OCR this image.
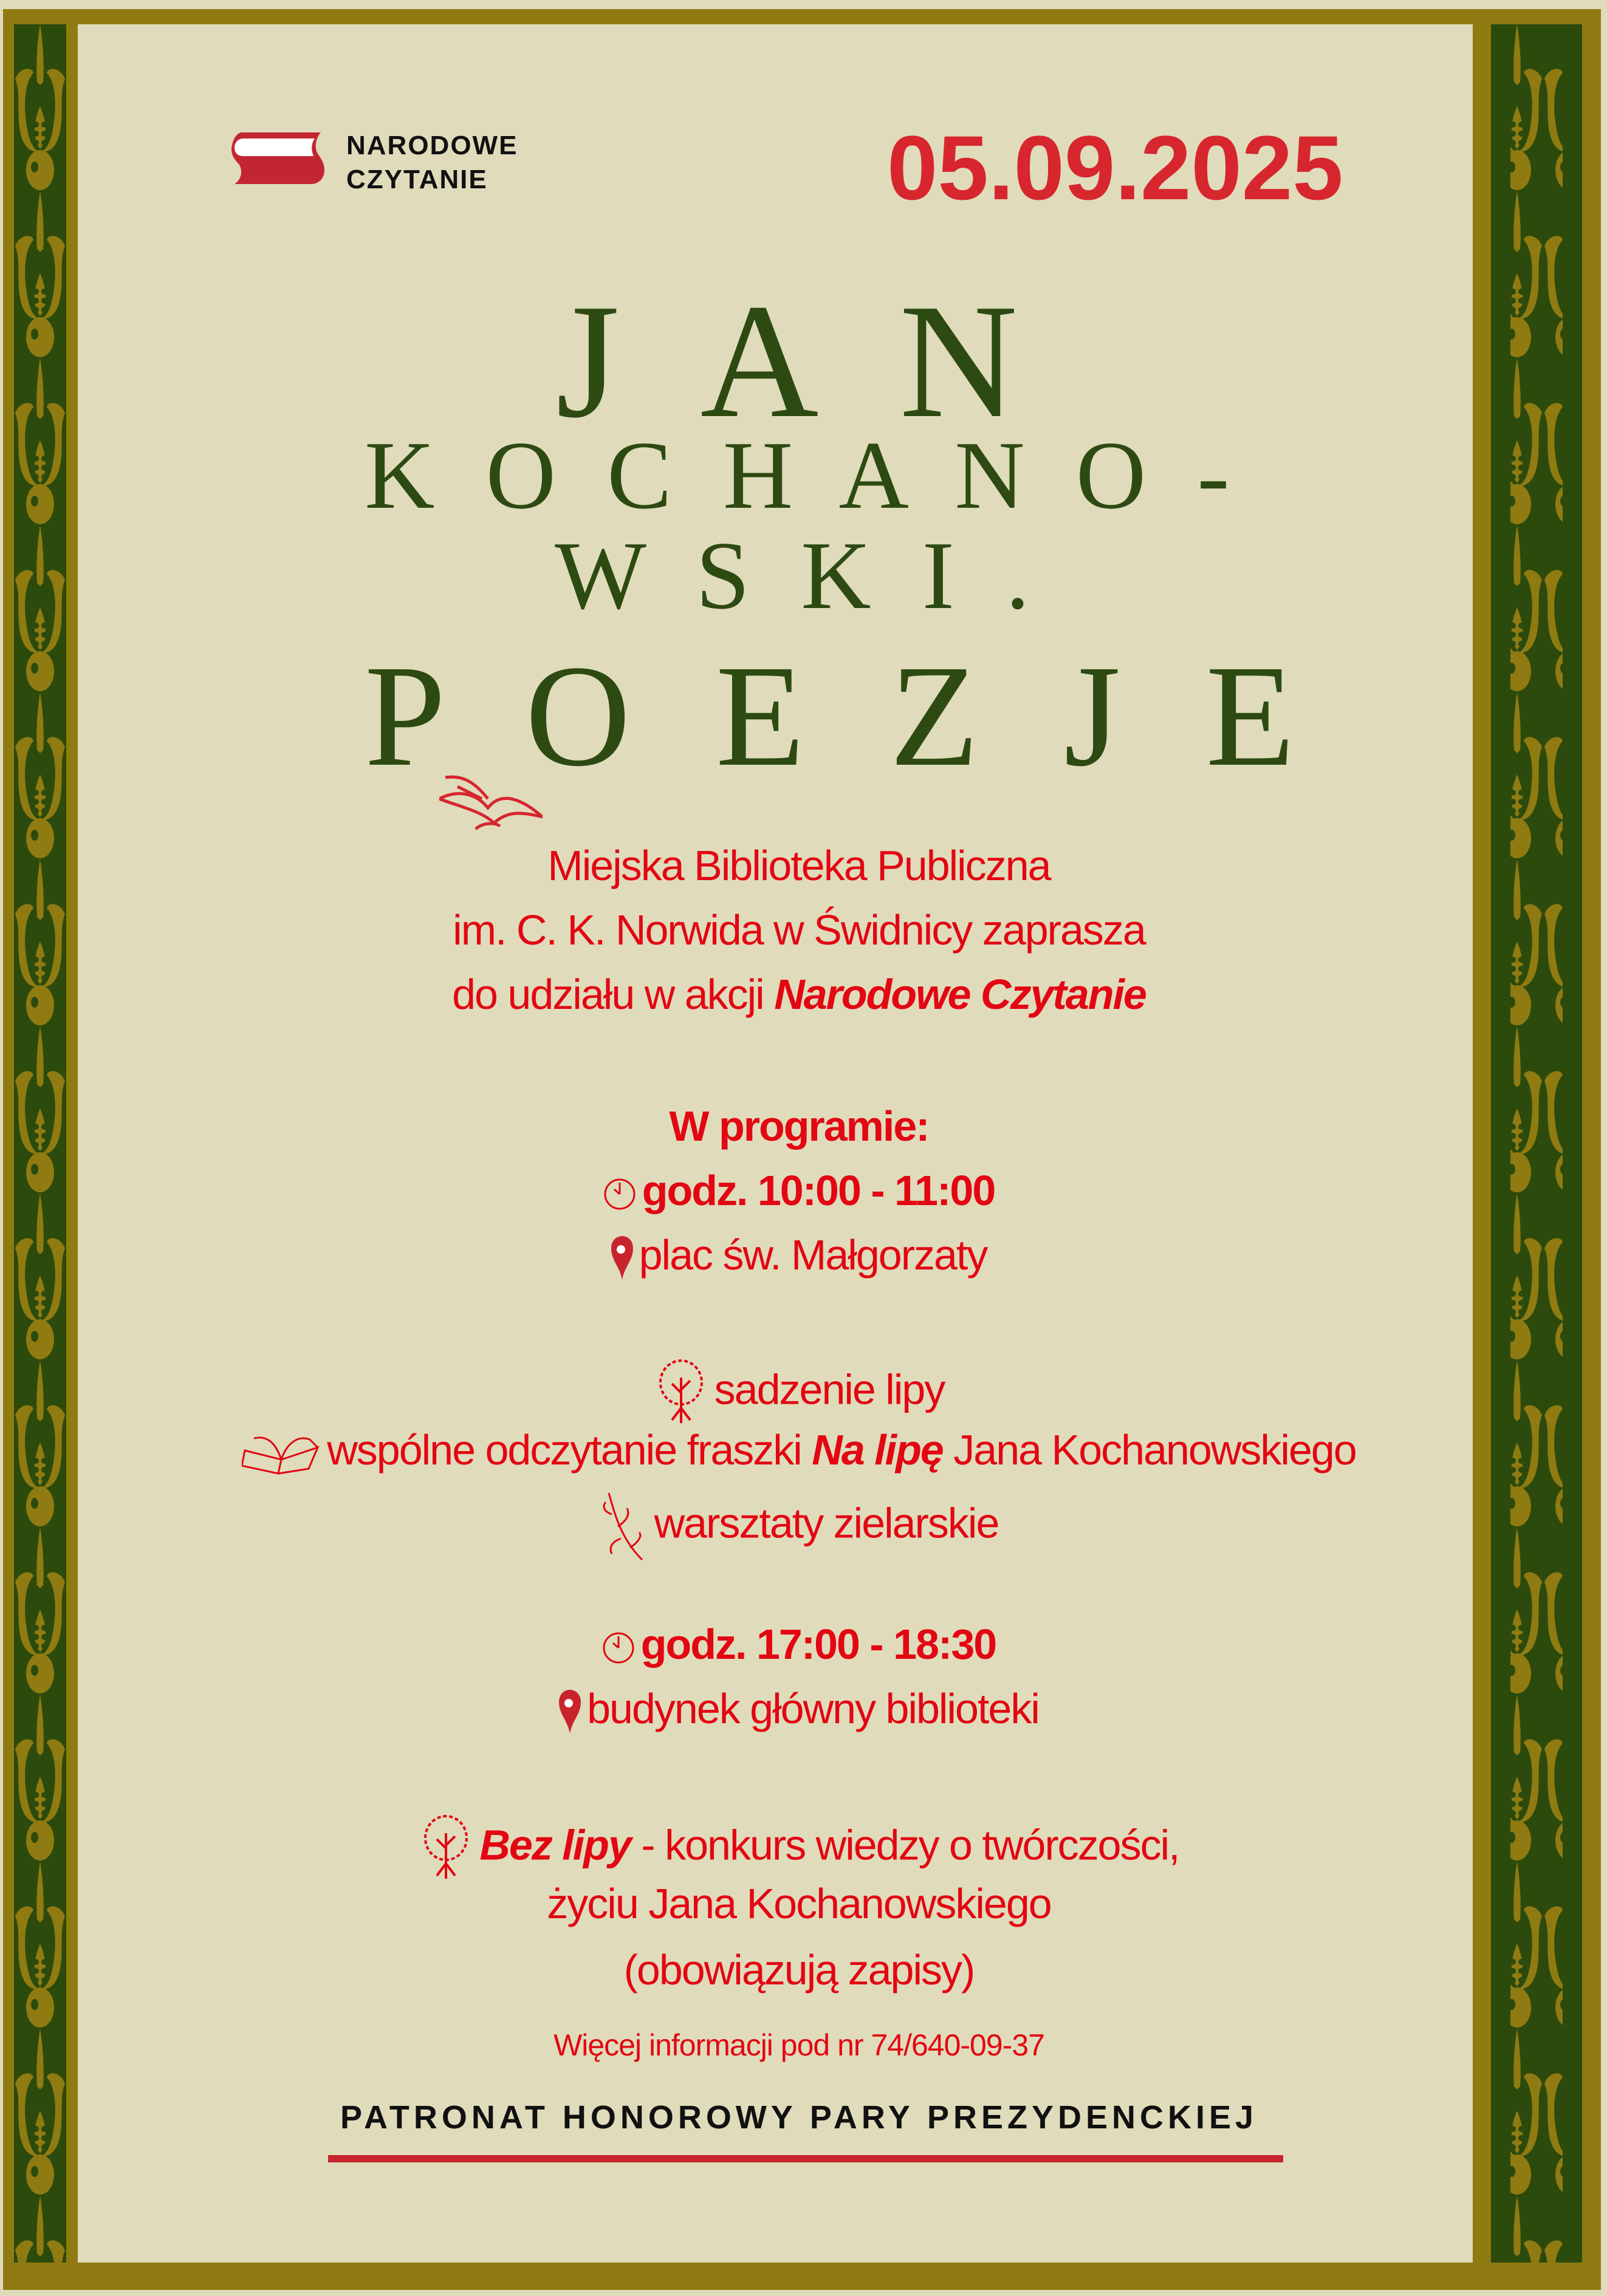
NARODOWE
CZYTANIE	05.09.2025
J A N
K O C H A N O -
W S K I .
P O E Z J E
Miejska Biblioteka Publiczna
im. C. K. Norwida w Świdnicy zaprasza
do udziału w akcji Narodowe Czytanie
W programie:
godz. 10:00 - 11:00
plac św. Małgorzaty
sadzenie lipy
wspólne odczytanie fraszki Na lipę Jana Kochanowskiego
warsztaty zielarskie
godz. 17:00 - 18:30
budynek główny biblioteki
Bez lipy - konkurs wiedzy o twórczości,
życiu Jana Kochanowskiego
(obowiązują zapisy)
Więcej informacji pod nr 74/640-09-37
PATRONAT HONOROWY PARY PREZYDENCKIEJ
